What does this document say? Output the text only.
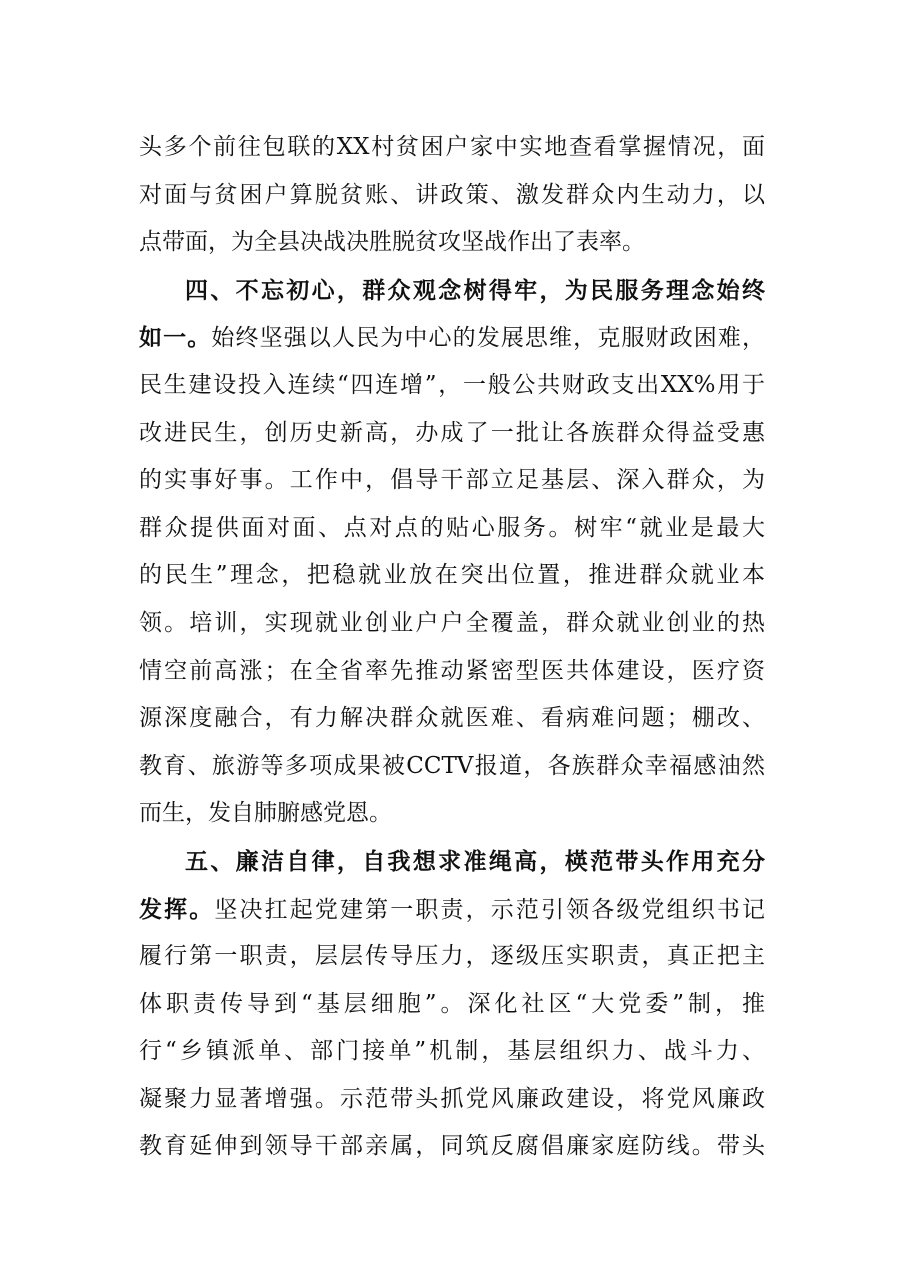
头多个前往包联的XX村贫困户家中实地查看掌握情况，面
对面与贫困户算脱贫账、讲政策、激发群众内生动力，以
点带面，为全县决战决胜脱贫攻坚战作出了表率。
四、不忘初心，群众观念树得牢，为民服务理念始终
如一。始终坚强以人民为中心的发展思维，克服财政困难，
民生建设投入连续“四连增”，一般公共财政支出XX%用于
改进民生，创历史新高，办成了一批让各族群众得益受惠
的实事好事。工作中，倡导干部立足基层、深入群众，为
群众提供面对面、点对点的贴心服务。树牢“就业是最大
的民生”理念，把稳就业放在突出位置，推进群众就业本
领。培训，实现就业创业户户全覆盖，群众就业创业的热
情空前高涨；在全省率先推动紧密型医共体建设，医疗资
源深度融合，有力解决群众就医难、看病难问题；棚改、
教育、旅游等多项成果被CCTV报道，各族群众幸福感油然
而生，发自肺腑感党恩。
五、廉洁自律，自我想求准绳高，楧范带头作用充分
发挥。坚决扛起党建第一职责，示范引领各级党组织书记
履行第一职责，层层传导压力，逐级压实职责，真正把主
体职责传导到“基层细胞”。深化社区“大党委”制，推
行“乡镇派单、部门接单”机制，基层组织力、战斗力、
凝聚力显著增强。示范带头抓党风廉政建设，将党风廉政
教育延伸到领导干部亲属，同筑反腐倡廉家庭防线。带头
